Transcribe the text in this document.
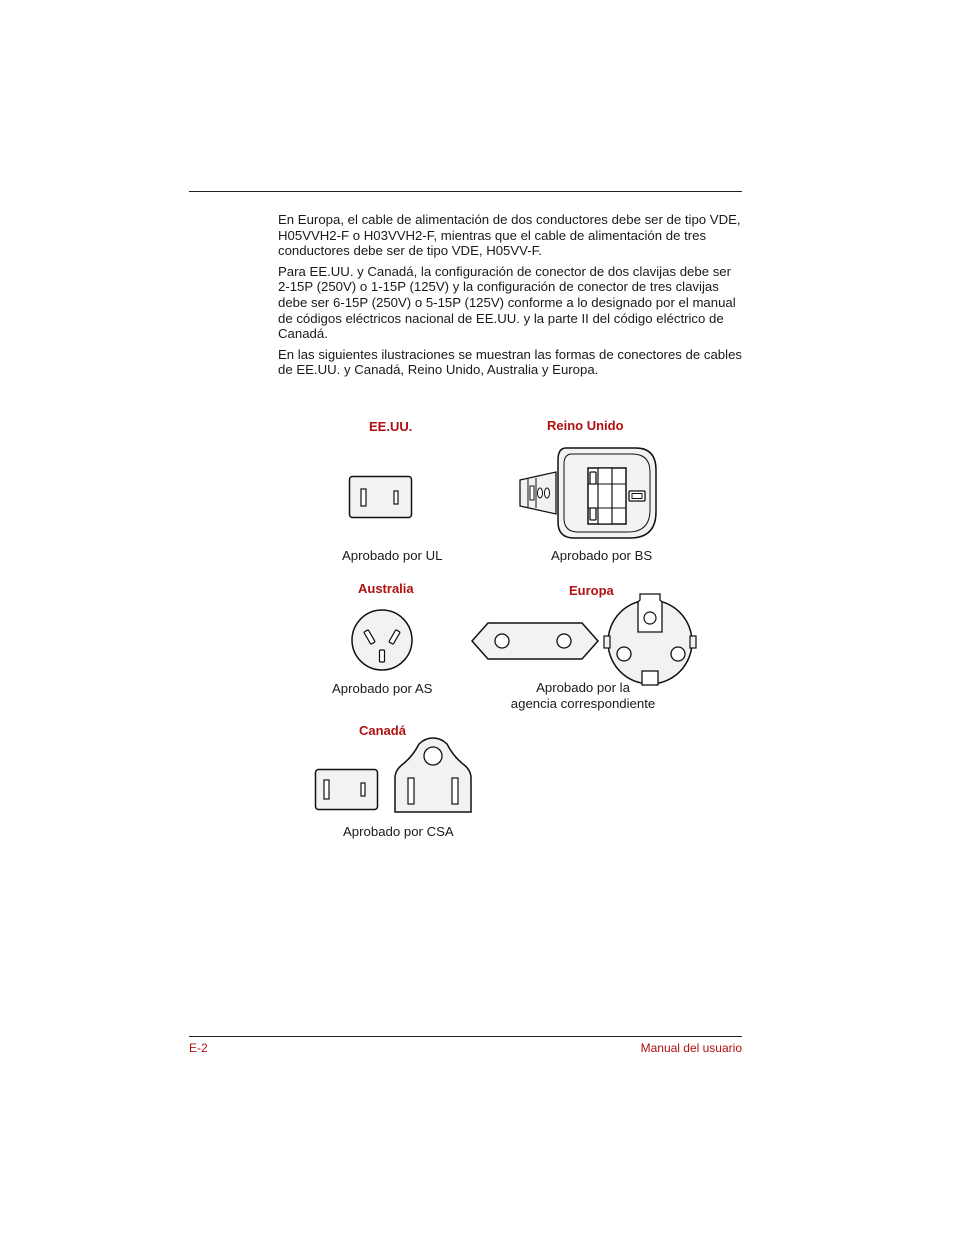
En Europa, el cable de alimentación de dos conductores debe ser de tipo VDE, H05VVH2-F o H03VVH2-F, mientras que el cable de alimentación de tres conductores debe ser de tipo VDE, H05VV-F.

Para EE.UU. y Canadá, la configuración de conector de dos clavijas debe ser 2-15P (250V) o 1-15P (125V) y la configuración de conector de tres clavijas debe ser 6-15P (250V) o 5-15P (125V) conforme a lo designado por el manual de códigos eléctricos nacional de EE.UU. y la parte II del código eléctrico de Canadá.

En las siguientes ilustraciones se muestran las formas de conectores de cables de EE.UU. y Canadá, Reino Unido, Australia y Europa.

EE.UU.
Aprobado por UL
Reino Unido
Aprobado por BS
Australia
Aprobado por AS
Europa
Aprobado por la
agencia correspondiente
Canadá
Aprobado por CSA
E-2	Manual del usuario
